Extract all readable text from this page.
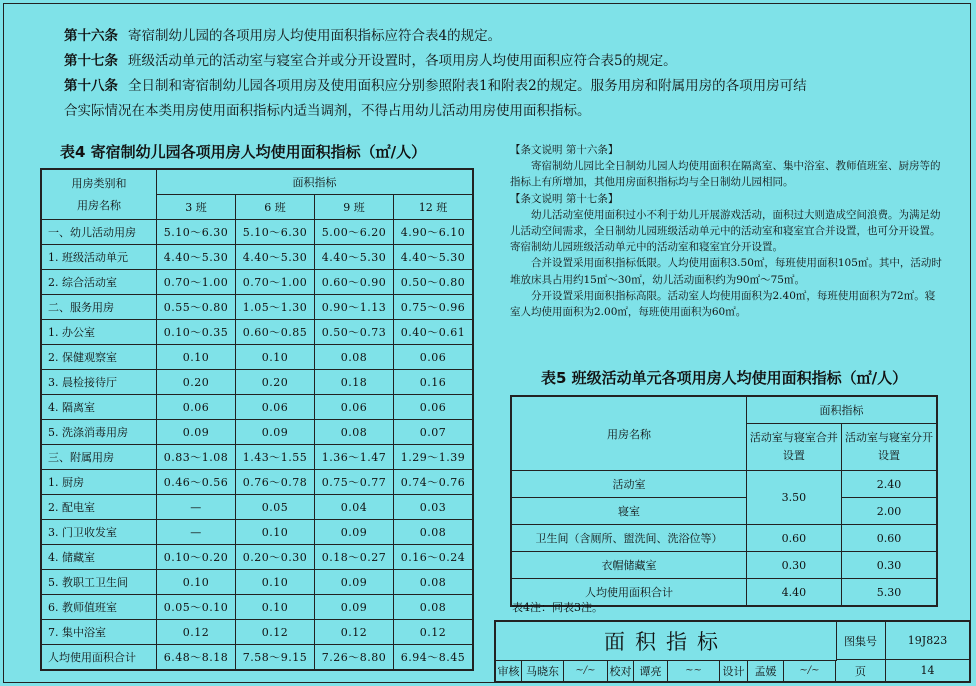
第十六条 寄宿制幼儿园的各项用房人均使用面积指标应符合表4的规定。

第十七条 班级活动单元的活动室与寝室合并或分开设置时，各项用房人均使用面积应符合表5的规定。

第十八条 全日制和寄宿制幼儿园各项用房及使用面积应分别参照附表1和附表2的规定。服务用房和附属用房的各项用房可结

合实际情况在本类用房使用面积指标内适当调剂，不得占用幼儿活动用房使用面积指标。

表4 寄宿制幼儿园各项用房人均使用面积指标（㎡/人）
用房类别和
用房名称	面积指标			
	3 班	6 班	9 班	12 班
一、幼儿活动用房	5.10～6.30	5.10～6.30	5.00～6.20	4.90～6.10
1. 班级活动单元	4.40～5.30	4.40～5.30	4.40～5.30	4.40～5.30
2. 综合活动室	0.70～1.00	0.70～1.00	0.60～0.90	0.50～0.80
二、服务用房	0.55～0.80	1.05～1.30	0.90～1.13	0.75～0.96
1. 办公室	0.10～0.35	0.60～0.85	0.50～0.73	0.40～0.61
2. 保健观察室	0.10	0.10	0.08	0.06
3. 晨检接待厅	0.20	0.20	0.18	0.16
4. 隔离室	0.06	0.06	0.06	0.06
5. 洗涤消毒用房	0.09	0.09	0.08	0.07
三、附属用房	0.83～1.08	1.43～1.55	1.36～1.47	1.29～1.39
1. 厨房	0.46～0.56	0.76～0.78	0.75～0.77	0.74～0.76
2. 配电室	—	0.05	0.04	0.03
3. 门卫收发室	—	0.10	0.09	0.08
4. 储藏室	0.10～0.20	0.20～0.30	0.18～0.27	0.16～0.24
5. 教职工卫生间	0.10	0.10	0.09	0.08
6. 教师值班室	0.05～0.10	0.10	0.09	0.08
7. 集中浴室	0.12	0.12	0.12	0.12
人均使用面积合计	6.48～8.18	7.58～9.15	7.26～8.80	6.94～8.45

【条文说明 第十六条】

寄宿制幼儿园比全日制幼儿园人均使用面积在隔离室、集中浴室、教师值班室、厨房等的指标上有所增加，其他用房面积指标均与全日制幼儿园相同。

【条文说明 第十七条】

幼儿活动室使用面积过小不利于幼儿开展游戏活动，面积过大则造成空间浪费。为满足幼儿活动空间需求，全日制幼儿园班级活动单元中的活动室和寝室宜合并设置，也可分开设置。寄宿制幼儿园班级活动单元中的活动室和寝室宜分开设置。

合并设置采用面积指标低限。人均使用面积3.50㎡，每班使用面积105㎡。其中，活动时堆放床具占用约15㎡～30㎡，幼儿活动面积约为90㎡～75㎡。

分开设置采用面积指标高限。活动室人均使用面积为2.40㎡，每班使用面积为72㎡。寝室人均使用面积为2.00㎡，每班使用面积为60㎡。

表5 班级活动单元各项用房人均使用面积指标（㎡/人）
用房名称	面积指标	
	活动室与寝室合并设置	活动室与寝室分开设置
活动室	3.50	2.40
寝室		2.00
卫生间（含厕所、盥洗间、洗浴位等）	0.60	0.60
衣帽储藏室	0.30	0.30
人均使用面积合计	4.40	5.30
表4注：同表3注。
面积指标	图集号	19J823
审核 马晓东	~/~	校对 谭亮	~~	设计 孟媛	~/~	页	14
